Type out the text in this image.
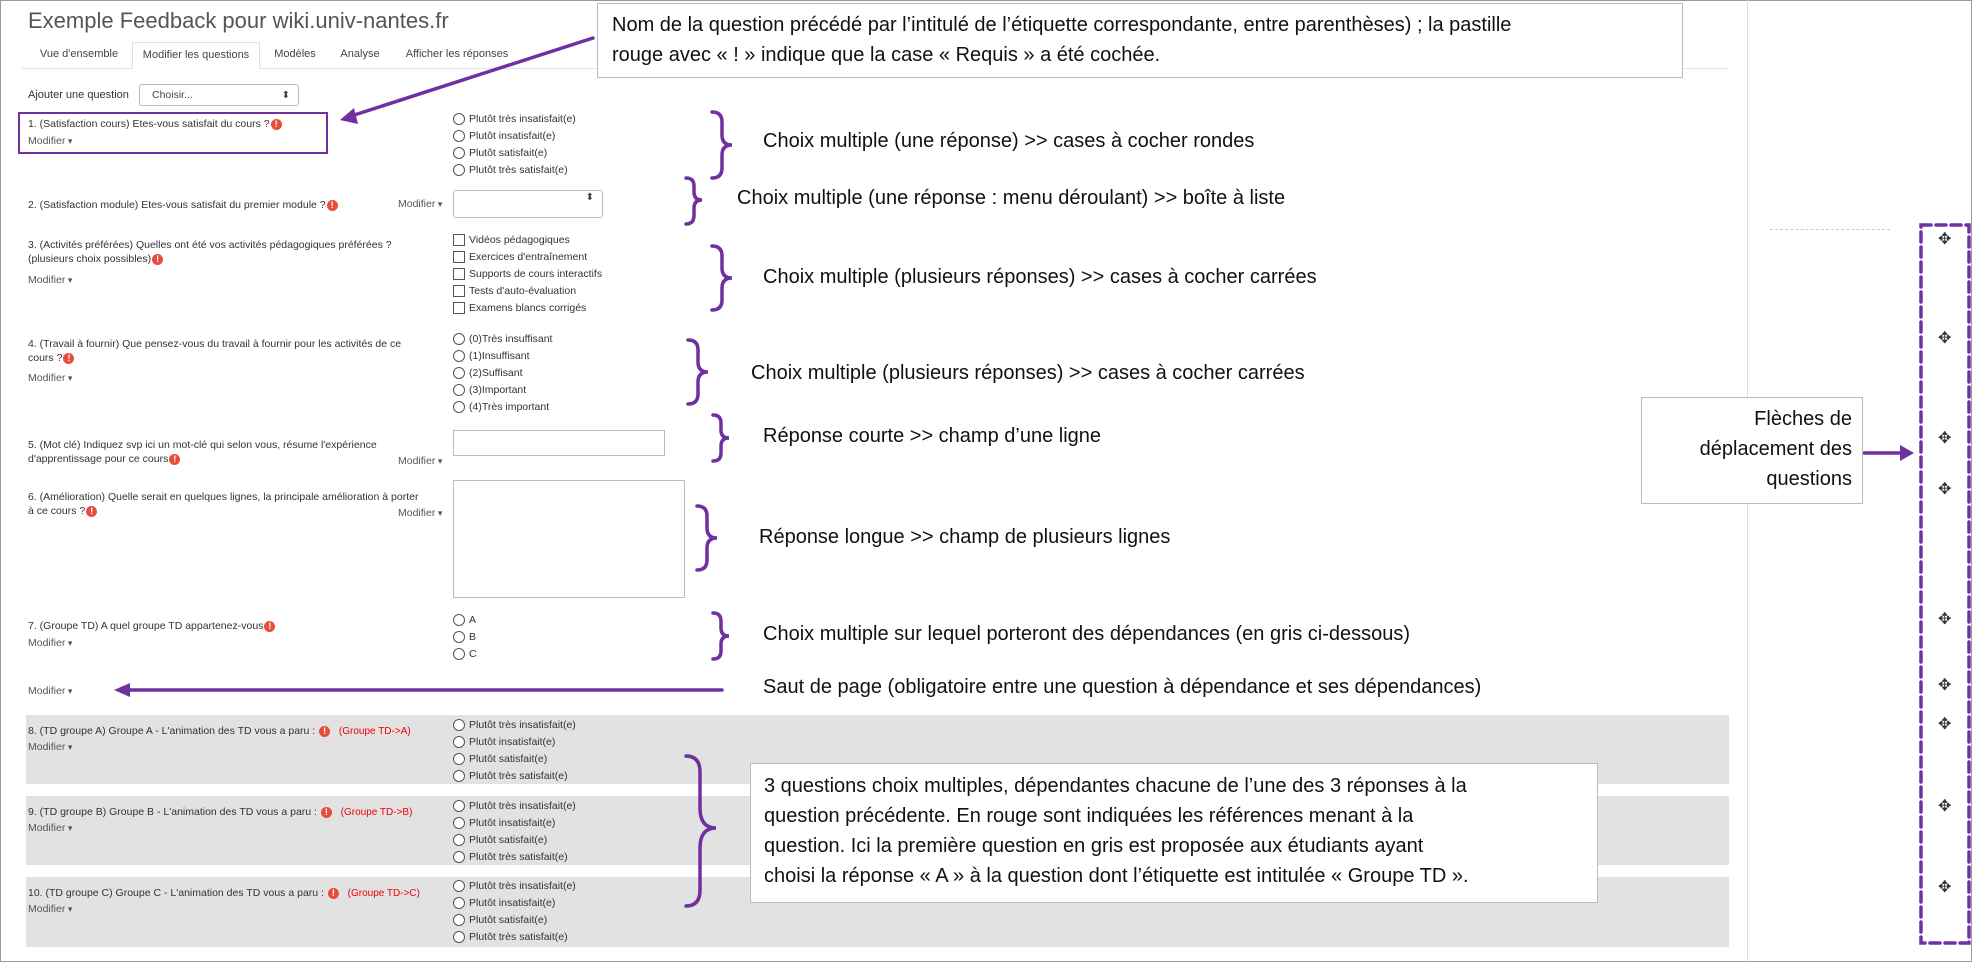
Exemple Feedback pour wiki.univ-nantes.fr
Vue d'ensemble	Modifier les questions	Modèles	Analyse	Afficher les réponses
Ajouter une question	Choisir... ⬍
1. (Satisfaction cours) Etes-vous satisfait du cours ? !
Modifier ▾
Plutôt très insatisfait(e)
Plutôt insatisfait(e)
Plutôt satisfait(e)
Plutôt très satisfait(e)
2. (Satisfaction module) Etes-vous satisfait du premier module ? !	Modifier ▾
⬍
3. (Activités préférées) Quelles ont été vos activités pédagogiques préférées ?
(plusieurs choix possibles) !
Modifier ▾
Vidéos pédagogiques
Exercices d'entraînement
Supports de cours interactifs
Tests d'auto-évaluation
Examens blancs corrigés
4. (Travail à fournir) Que pensez-vous du travail à fournir pour les activités de ce
cours ? !
Modifier ▾
(0)Très insuffisant
(1)Insuffisant
(2)Suffisant
(3)Important
(4)Très important
5. (Mot clé) Indiquez svp ici un mot-clé qui selon vous, résume l'expérience
d'apprentissage pour ce cours !	Modifier ▾
6. (Amélioration) Quelle serait en quelques lignes, la principale amélioration à porter
à ce cours ? !	Modifier ▾
7. (Groupe TD) A quel groupe TD appartenez-vous !
Modifier ▾
A
B
C
Modifier ▾
8. (TD groupe A) Groupe A - L'animation des TD vous a paru : ! (Groupe TD->A)
Modifier ▾
Plutôt très insatisfait(e)
Plutôt insatisfait(e)
Plutôt satisfait(e)
Plutôt très satisfait(e)
9. (TD groupe B) Groupe B - L'animation des TD vous a paru : ! (Groupe TD->B)
Modifier ▾
Plutôt très insatisfait(e)
Plutôt insatisfait(e)
Plutôt satisfait(e)
Plutôt très satisfait(e)
10. (TD groupe C) Groupe C - L'animation des TD vous a paru : ! (Groupe TD->C)
Modifier ▾
Plutôt très insatisfait(e)
Plutôt insatisfait(e)
Plutôt satisfait(e)
Plutôt très satisfait(e)
Nom de la question précédé par l’intitulé de l’étiquette correspondante, entre parenthèses) ; la pastille
rouge avec « ! » indique que la case « Requis » a été cochée.
Choix multiple (une réponse) >> cases à cocher rondes
Choix multiple (une réponse : menu déroulant) >> boîte à liste
Choix multiple (plusieurs réponses) >> cases à cocher carrées
Choix multiple (plusieurs réponses) >> cases à cocher carrées
Réponse courte >> champ d’une ligne
Réponse longue >> champ de plusieurs lignes
Choix multiple sur lequel porteront des dépendances (en gris ci-dessous)
Saut de page (obligatoire entre une question à dépendance et ses dépendances)
3 questions choix multiples, dépendantes chacune de l’une des 3 réponses à la
question précédente. En rouge sont indiquées les références menant à la
question. Ici la première question en gris est proposée aux étudiants ayant
choisi la réponse « A » à la question dont l’étiquette est intitulée « Groupe TD ».
Flèches de
déplacement des
questions
✥
✥
✥
✥
✥
✥
✥
✥
✥
